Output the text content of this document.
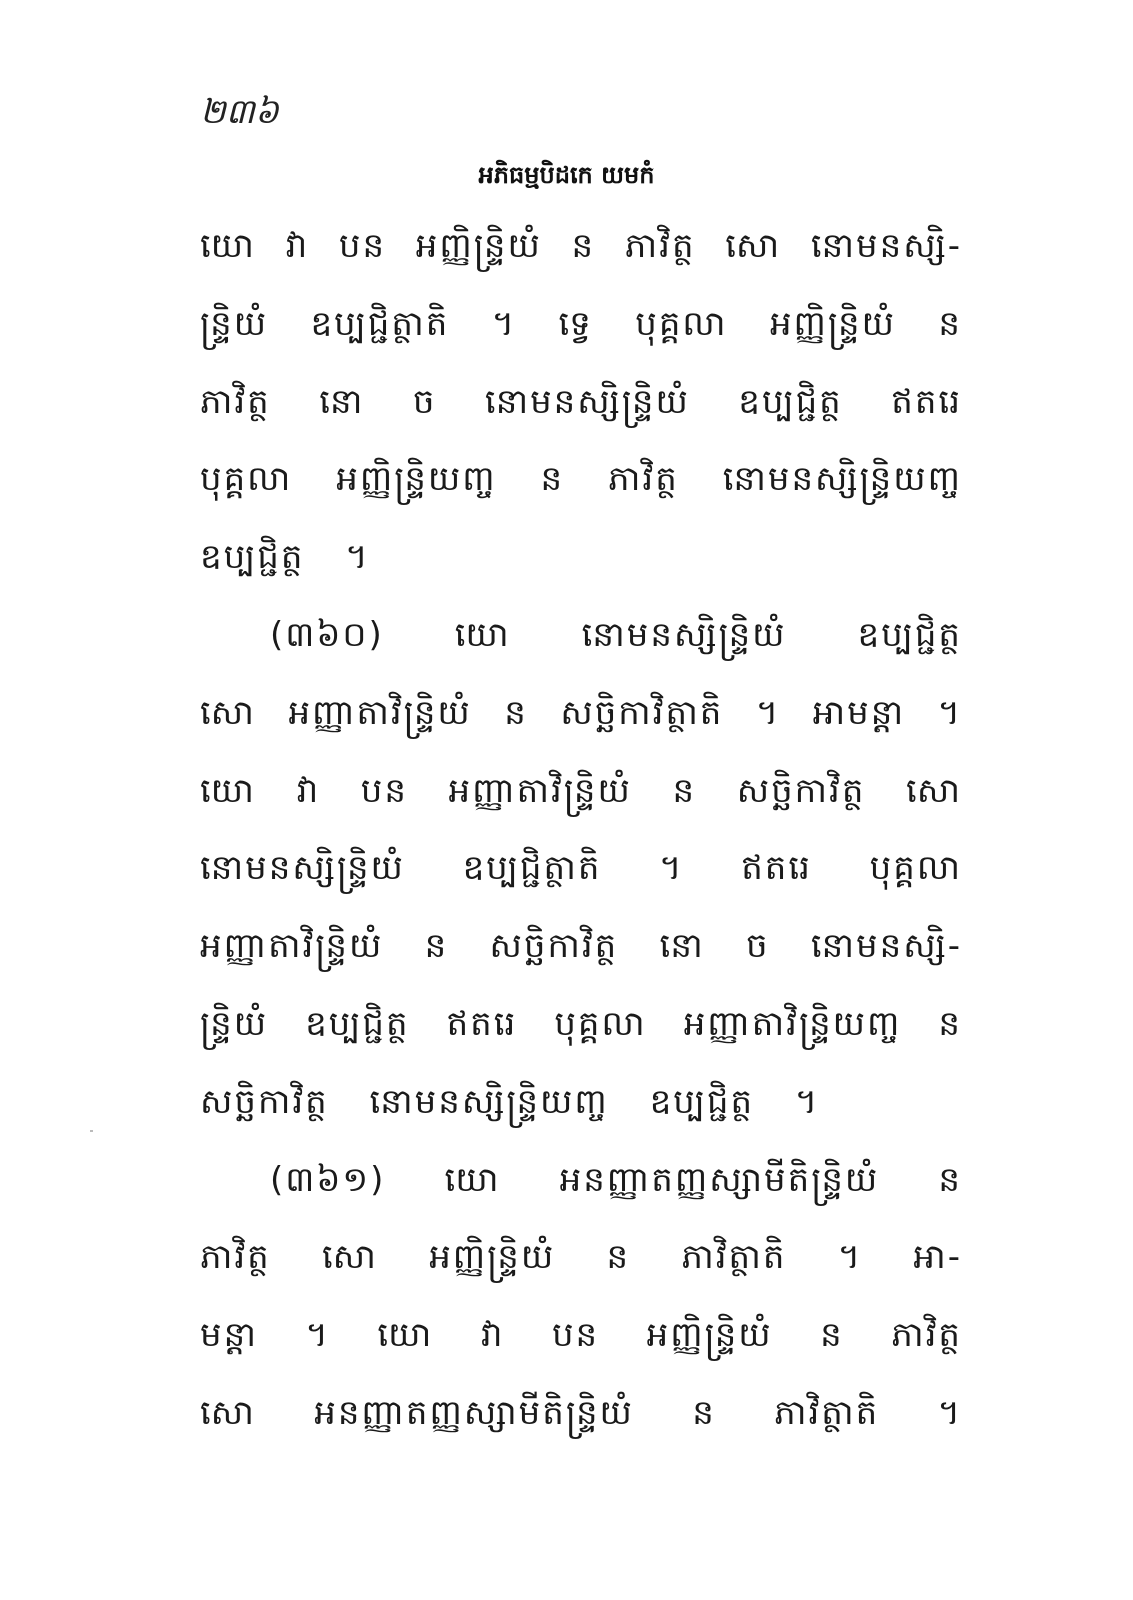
២៣៦
អភិធម្មបិដកេ យមកំ
យោ វា បន អញ្ញិន្ទ្រិយំ ន ភាវិត្ថ សោ នោមនស្សិ-
ន្ទ្រិយំ ឧប្បជ្ជិត្ថាតិ ។ ទ្វេ បុគ្គលា អញ្ញិន្ទ្រិយំ ន
ភាវិត្ថ នោ ច នោមនស្សិន្ទ្រិយំ ឧប្បជ្ជិត្ថ ឥតរេ
បុគ្គលា អញ្ញិន្ទ្រិយញ្ច ន ភាវិត្ថ នោមនស្សិន្ទ្រិយញ្ច
ឧប្បជ្ជិត្ថ ។
(៣៦០) យោ នោមនស្សិន្ទ្រិយំ ឧប្បជ្ជិត្ថ
សោ អញ្ញាតាវិន្ទ្រិយំ ន សច្ឆិកាវិត្ថាតិ ។ អាមន្តា ។
យោ វា បន អញ្ញាតាវិន្ទ្រិយំ ន សច្ឆិកាវិត្ថ សោ
នោមនស្សិន្ទ្រិយំ ឧប្បជ្ជិត្ថាតិ ។ ឥតរេ បុគ្គលា
អញ្ញាតាវិន្ទ្រិយំ ន សច្ឆិកាវិត្ថ នោ ច នោមនស្សិ-
ន្ទ្រិយំ ឧប្បជ្ជិត្ថ ឥតរេ បុគ្គលា អញ្ញាតាវិន្ទ្រិយញ្ច ន
សច្ឆិកាវិត្ថ នោមនស្សិន្ទ្រិយញ្ច ឧប្បជ្ជិត្ថ ។
(៣៦១) យោ អនញ្ញាតញ្ញស្សាមីតិន្ទ្រិយំ ន
ភាវិត្ថ សោ អញ្ញិន្ទ្រិយំ ន ភាវិត្ថាតិ ។ អា-
មន្តា ។ យោ វា បន អញ្ញិន្ទ្រិយំ ន ភាវិត្ថ
សោ អនញ្ញាតញ្ញស្សាមីតិន្ទ្រិយំ ន ភាវិត្ថាតិ ។
